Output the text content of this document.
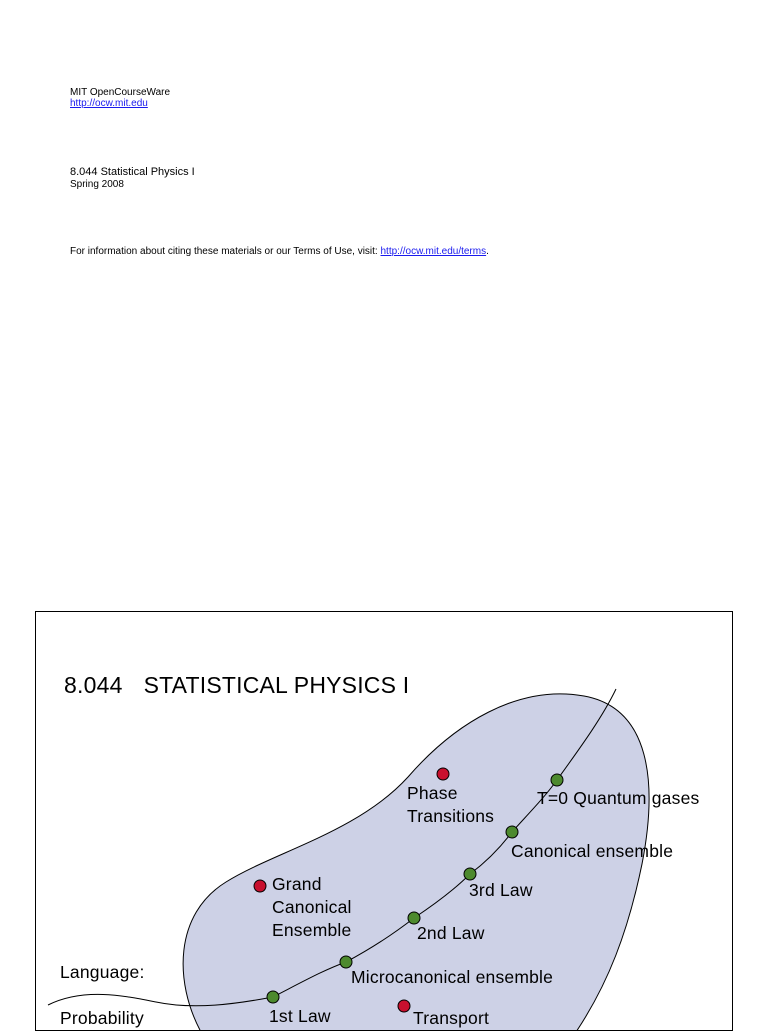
MIT OpenCourseWare
http://ocw.mit.edu
8.044 Statistical Physics I
Spring 2008
For information about citing these materials or our Terms of Use, visit: http://ocw.mit.edu/terms.
8.044 STATISTICAL PHYSICS I
Phase
Transitions
T=0 Quantum gases
Canonical ensemble
3rd Law
Grand
Canonical
Ensemble	2nd Law
Language:	Microcanonical ensemble
1st Law
Probability	Transport
